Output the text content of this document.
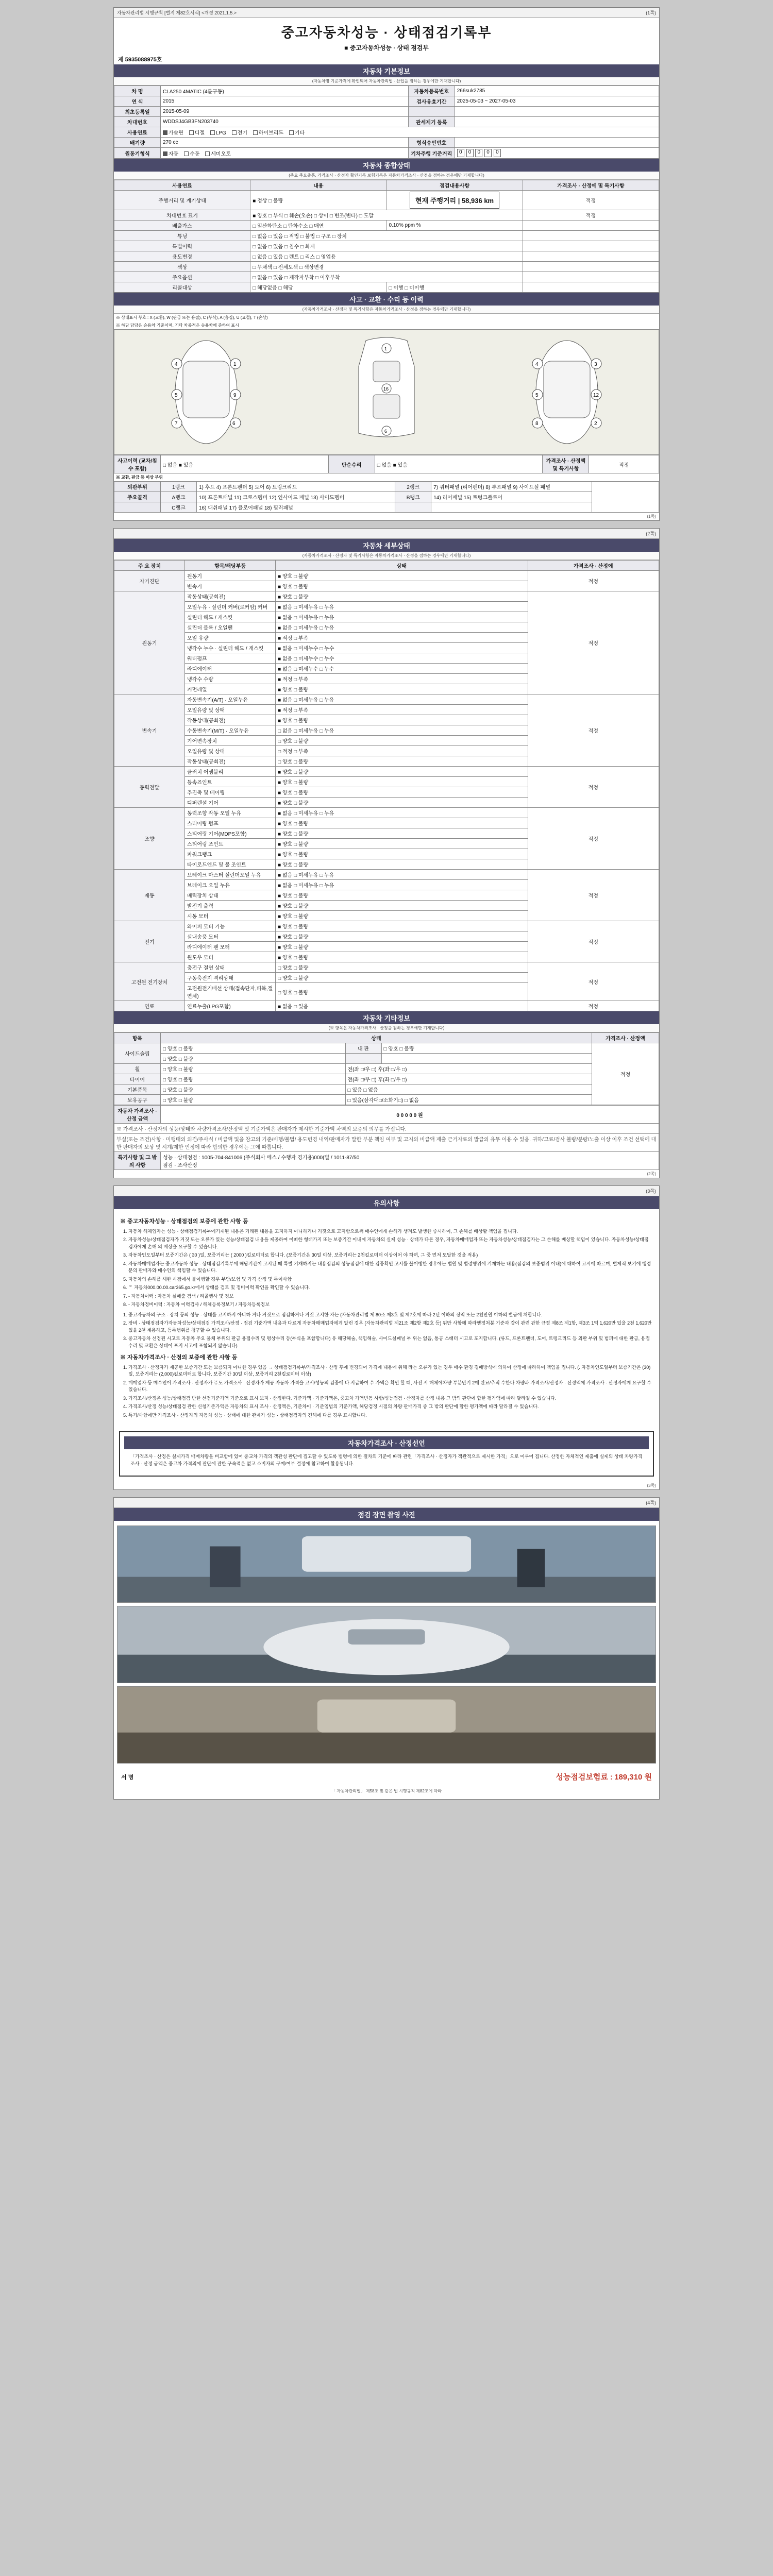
자동차관리법 시행규칙 [별지 제82호서식] <개정 2021.1.5.>	(1쪽)
중고자동차성능 · 상태점검기록부
■ 중고자동차성능 · 상태 점검부
제 5935088975호
자동차 기본정보
(자동차명 기준가격에 확인되어 자동차관리법 · 산업을 점하는 경우에만 기재합니다)
차 명	CLA250 4MATIC (4륜구동)	자동차등록번호	266suk2785
연 식	2015	검사유효기간	2025-05-03 ~ 2027-05-03
최초등록일	2015-05-09		
차대번호	WDDSJ4GB3FN203740	관세제기 등록	
사용연료	가솔린 디젤 LPG 전기 하이브리드 기타		
배기량	270 cc	형식승인번호	
원동기형식	자동 수동 세미오토	기차주행 기준거리	0 0 0 0 0
자동차 종합상태
(주요 주요출품, 가격조사 · 산정자 확인기록 보험기록은 자동차가격조사 · 산정을 점하는 경우에만 기재합니다)
사용연료	내용	점검내용사항	가격조사 · 산정에 및 특기사항
주행거리 및 계기상태	■ 정상 □ 불량	현재 주행거리 | 58,936 km	적정
차대번호 표기	■ 양호 □ 부식 □ 훼손(오손) □ 상이 □ 변조(변타) □ 도말		적정
배출가스	□ 일산화탄소 □ 탄화수소 □ 매연	0.10% ppm %	
튜닝	□ 없음 □ 있음 □ 적법 □ 불법 □ 구조 □ 장치		
특별이력	□ 없음 □ 있음 □ 침수 □ 화재		
용도변경	□ 없음 □ 있음 □ 렌트 □ 리스 □ 영업용		
색상	□ 무채색 □ 전체도색 □ 색상변경		
주요옵션	□ 없음 □ 있음 □ 제작자부착 □ 이후부착		
리콜대상	□ 해당없음 □ 해당	□ 이행 □ 미이행	
사고 · 교환 · 수리 등 이력
(자동차가격조사 · 산정자 및 특기사항은 자동차가격조사 · 산정을 점하는 경우에만 기재합니다)
※ 상태표시 부호 : X (교환), W (판금 또는 용접), C (부식), A (흠집), U (요철), T (손상)
※ 하단 담당은 승용차 기준이며, 기타 차종적은 승용차에 준하여 표시
4
5
7
1
9
6
1
16
6
4
5
8
3
12
2
사고이력 (교차/침수 포함)	□ 없음 ■ 있음	단순수리	□ 없음 ■ 있음	가격조사 · 산정액 및 특기사항	적정
※ 교환, 판금 등 이상 부위
외판부위	1랭크	1) 후드 4) 프론트펜더 5) 도어 6) 트렁크리드	2랭크	7) 쿼터패널 (리어펜더) 8) 루프패널 9) 사이드실 패널	
주요골격	A랭크	10) 프론트패널 11) 크로스멤버 12) 인사이드 패널 13) 사이드멤버	B랭크	14) 리어패널 15) 트렁크플로어	
	C랭크	16) 대쉬패널 17) 플로어패널 18) 필러패널			
(1쪽)
(2쪽)
자동차 세부상태
(자동차가격조사 · 산정자 및 특기사항은 자동차가격조사 · 산정을 점하는 경우에만 기재합니다)
주 요 장치	항목/해당부품	상태	가격조사 · 산정에
자기진단	원동기	■ 양호 □ 불량	적정
	변속기	■ 양호 □ 불량	
원동기	작동상태(공회전)	■ 양호 □ 불량	적정
	오일누유 · 실린더 커버(로커암) 커버	■ 없음 □ 미세누유 □ 누유	
	실린더 헤드 / 개스킷	■ 없음 □ 미세누유 □ 누유	
	실린더 블록 / 오일팬	■ 없음 □ 미세누유 □ 누유	
	오일 유량	■ 적정 □ 부족	
	냉각수 누수 · 실린더 헤드 / 개스킷	■ 없음 □ 미세누수 □ 누수	
	워터펌프	■ 없음 □ 미세누수 □ 누수	
	라디에이터	■ 없음 □ 미세누수 □ 누수	
	냉각수 수량	■ 적정 □ 부족	
	커먼레일	■ 양호 □ 불량	
변속기	자동변속기(A/T) · 오일누유	■ 없음 □ 미세누유 □ 누유	적정
	오일유량 및 상태	■ 적정 □ 부족	
	작동상태(공회전)	■ 양호 □ 불량	
	수동변속기(M/T) · 오일누유	□ 없음 □ 미세누유 □ 누유	
	기어변속장치	□ 양호 □ 불량	
	오일유량 및 상태	□ 적정 □ 부족	
	작동상태(공회전)	□ 양호 □ 불량	
동력전달	클러치 어셈블리	■ 양호 □ 불량	적정
	등속죠인트	■ 양호 □ 불량	
	추진축 및 베어링	■ 양호 □ 불량	
	디퍼렌셜 기어	■ 양호 □ 불량	
조향	동력조향 작동 오일 누유	■ 없음 □ 미세누유 □ 누유	적정
	스티어링 펌프	■ 양호 □ 불량	
	스티어링 기어(MDPS포함)	■ 양호 □ 불량	
	스티어링 조인트	■ 양호 □ 불량	
	파워크랭크	■ 양호 □ 불량	
	타이로드엔드 및 볼 조인트	■ 양호 □ 불량	
제동	브레이크 마스터 실린더오일 누유	■ 없음 □ 미세누유 □ 누유	적정
	브레이크 오일 누유	■ 없음 □ 미세누유 □ 누유	
	배력장치 상태	■ 양호 □ 불량	
	발전기 출력	■ 양호 □ 불량	
	시동 모터	■ 양호 □ 불량	
전기	와이퍼 모터 기능	■ 양호 □ 불량	적정
	실내송풍 모터	■ 양호 □ 불량	
	라디에이터 팬 모터	■ 양호 □ 불량	
	윈도우 모터	■ 양호 □ 불량	
고전원 전기장치	충전구 절연 상태	□ 양호 □ 불량	적정
	구동축전지 격리상태	□ 양호 □ 불량	
	고전원전기배선 상태(접속단자,피복,절연체)	□ 양호 □ 불량	
연료	연료누출(LPG포함)	■ 없음 □ 있음	적정
자동차 기타정보
(※ 항목은 자동차가격조사 · 산정을 점하는 경우에만 기재합니다)
항목	상태			가격조사 · 산정액
사이드슬립	□ 양호 □ 불량	내 판	□ 양호 □ 불량	적정
	□ 양호 □ 불량			
휠	□ 양호 □ 불량	전(좌 □/우 □) 후(좌 □/우 □)		
타이어	□ 양호 □ 불량	전(좌 □/우 □) 후(좌 □/우 □)		
기본품목	□ 양호 □ 불량	□ 있음 □ 없음		
보유공구	□ 양호 □ 불량	□ 있음(삼각대□/소화기□) □ 없음		
자동차 가격조사 · 산정 금액	0 0 0 0 0 원
※ 가격조사 · 산정자의 성능/상태와 차량가격조사/산정액 및 기준가액은 판매자가 제시한 기준가액 차액의 보증의 의무를 가집니다.	
부실(또는 조건)사항 · 미행태의 의견/주사식 / 비급액 및을 참고의 기준/비행/불법/ 용도변경 내역/판매자가 말한 부분 책임 여부 및 고지의 비급액 제출 근거자료의 발급의 유무 이용 수 있음. 귀하/고료/검사 불량/분량/노출 이상 이후 조건 선택에 대한 판매자의 보상 및 시계/제한 인정에 따라 합의한 경우에는 그에 따릅니다.	
특기사항 및 그 밖의 사항	성능 · 상태점검 : 1005-704-841006 (주식회사 메스 / 수행자 경기용)000(별 / 1011-87/50
점검 · 조사산정
(2쪽)
(3쪽)
유의사항
※ 중고자동차성능 · 상태점검의 보증에 관한 사항 등
1. 자동차 해체업자는 성능 · 상태점검기록부에기재된 내용은 거래된 내용을 고지하지 아니하거나 거짓으로 고지함으로써 매수인에게 손해가 생겨도 발생한 중시하여, 그 손해를 배상할 책임을 집니다.
2. 자동차성능/상태점검자가 거짓 또는 오류가 있는 성능/상태점검 내용을 제공하여 어떠한 형태가지 또는 보증기간 이내에 자동차의 실제 성능 · 상태가 다른 경우, 자동차매매업자 또는 자동차성능/상태점검자는 그 손해를 배상할 책임이 있습니다. 자동차성능/상태점검자에게 손해 의 배상을 요구할 수 있습니다.
3. 자동차인도일부터 보증기간은 ( 30 )일, 보증거리는 ( 2000 )킬로미터로 합니다. (보증기간은 30일 이상, 보증거리는 2천킬로미터 이상이어 야 하며, 그 중 먼저 도달한 것을 적용)
4. 자동차매매업자는 중고자동차 성능 · 상태점검기록부에 해당기간이 고지된 때 특별 기재하지는 내용점검의 성능점검에 대한 검증확인 고시를 불이행한 경우에는 법원 및 법령행위에 기재하는 내용(점검의 보증범위 이내)에 대하여 고시에 따르며, 별제적 보기에 행정분의 판매자와 매수인의 책임할 수 있습니다.
5. 자동차의 손해를 새한 시점에서 불이행할 경우 부담/보험 및 가격 산정 및 특이사항
6. ᄋ 자동차000.00.00.car365.go.kr에서 상태를 검토 및 정비이력 확인을 확인할 수 있습니다.
7. - 자동차이력 : 자동차 실매출 검색 / 리콜행사 및 정보
8. - 자동차정비이력 : 자동차 이력검사 / 해체등록정보기 / 자동차등록정보
1. 중고자동차의 구조 · 장치 등의 성능 · 상태를 고지하지 아니하 거나 거짓으로 점검하거나 거짓 고지한 자는 (자동차관리법 제 80조 제3호 및 제7호에 따라 2년 이하의 징역 또는 2천만원 이하의 벌금에 처합니다.
2. 장비 · 상태점검자가자동차성능/상태점검 가격조사/산정 · 점검 기준가액 내용과 다르게 자동차매매업자에게 알린 경우 (자동차관리법 제21조 제2항 제2호 등) 위반 사항에 따라행정처분 기준과 같이 관련 관한 규정 제8조 제1항, 제3조 1억 1,620만 있을 2천 1,620만 있을 2천 계용하고, 등록행위를 청구할 수 있습니다.
3. 중고자동차 선정된 시고로 자동차 주요 물체 부위의 판금 용접수리 및 평상수리 등(부식을 포함합니다) 유 해당해술, 책임해술, 사이드실패널 부 위는 없음, 통공 스태터 시고로 포지합니다. (류드, 프론트펜더, 도어, 트렁크리드 등 외판 부위 및 범퍼에 대한 판금, 용접수리 및 교환은 상태어 포지 시고에 포함되지 않습니다)
※ 자동차가격조사 · 산정의 보증에 관한 사항 등
1. 가격조사 · 산정자가 제공한 보증기간 또는 보증되지 아니한 경우 있음 → 상태점검기록부/가격조사 · 산정 후에 변경되어 가격에 내용에 위해 라는 오류가 있는 경우 매수 환경 경매방식에 의하여 산정에 따라하여 책임을 집니다. (. 자동차인도일부터 보증기간은 (30)일, 보증거리는 (2,000)킬로미터로 합니다. 보증기간 30일 이상, 보증거리 2천킬로미터 이상)
2. 매매업자 등 매수인이 가격조사 · 산정자가 주도 가격조사 · 산정자가 제공 자동차 가격을 고시/성능의 검증에 다 지급하여 수 가액은 확인 할 때, 사전 시 해체에차량 부분만기 2에 완료/추적 수한다 차량과 가격조사/산정자 · 산정액에 가격조사 · 산정자에게 요구할 수 있습니다.
3. 가격조사/산정은 성능/상태점검 반한 선점기준가액 기준으로 표시 보지 · 산정한다. 기준가액 · 기준가액은, 중고차 가액변동 사항/성능점검 · 산정자를 산정 내용 그 밖의 판단에 합한 평가액에 따라 달라질 수 있습니다.
4. 가격조사/산정 성능/상태점검 관한 신청기준가액은 자동차의 표시 조사 · 산정액은, 기준차이 · 기준임법의 기준가액, 해당검정 시점의 차량 판매가격 중 그 밖의 판단에 합한 평가액에 따라 달라질 수 있습니다.
5. 특기/사항에만 가격조사 · 산정자의 자동차 성능 · 상태에 대한 관계가 성능 · 상태점검자의 견해에 다를 경우 표시합니다.
자동차가격조사 · 산정선언
「가격조사 · 산정은 실제가격 매매차량을 비교함에 있어 중교차 가격의 객관성 판단에 집고할 수 있도록 법령에 의한 절차의 기준에 따라 관련「가격조사 · 산정자가 객관적으로 제시한 가격」으로 이루어 집니다. 산정한 자체적인 제출에 실제의 상태 차량가격조사 · 산정 금액은 중고차 가격의에 판단에 관한 구속력은 없고 소비자의 구매/여부 결정에 참고하여 활용됩니다.
(3쪽)
(4쪽)
점검 장면 촬영 사진
서 명	성능점검보험료 : 189,310 원
「 자동차관리법」 제58조 및 같은 법 시행규칙 제82조에 따라
